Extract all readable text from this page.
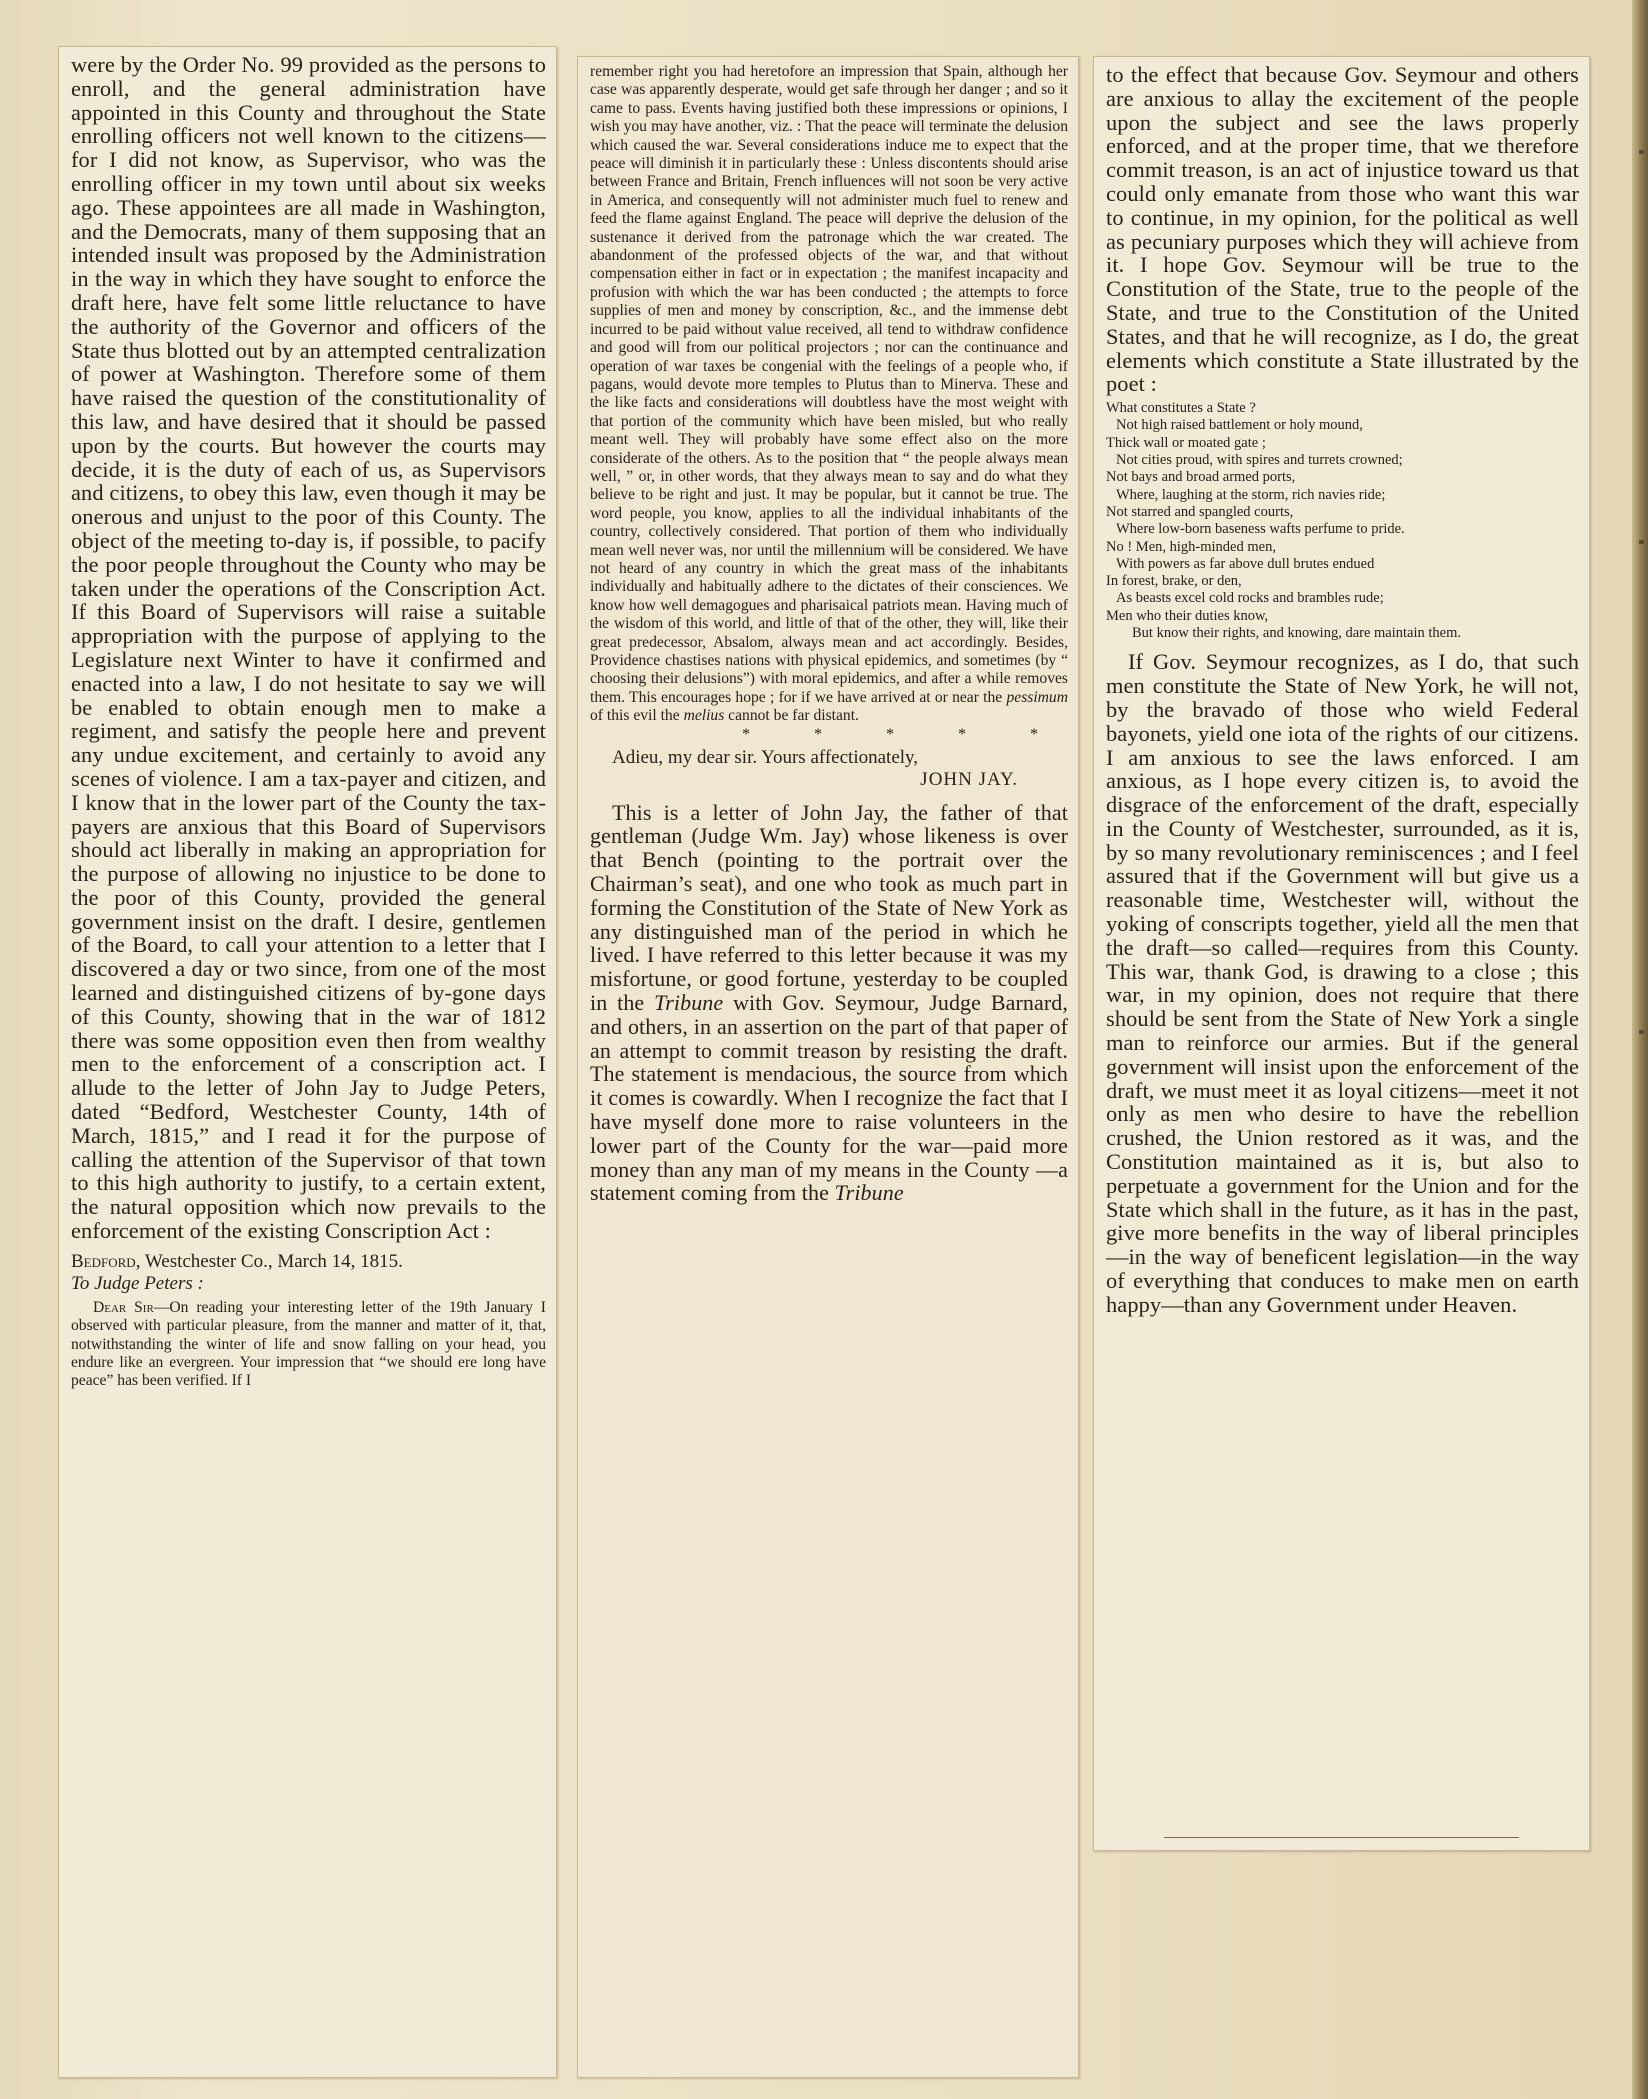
were by the Order No. 99 provided as the persons to enroll, and the general administration have appointed in this County and throughout the State enrolling officers not well known to the citizens—for I did not know, as Supervisor, who was the enrolling officer in my town until about six weeks ago. These appointees are all made in Washington, and the Democrats, many of them supposing that an intended insult was proposed by the Administration in the way in which they have sought to enforce the draft here, have felt some little reluctance to have the authority of the Governor and officers of the State thus blotted out by an attempted centralization of power at Washington. Therefore some of them have raised the question of the constitutionality of this law, and have desired that it should be passed upon by the courts. But however the courts may decide, it is the duty of each of us, as Supervisors and citizens, to obey this law, even though it may be onerous and unjust to the poor of this County. The object of the meeting to-day is, if possible, to pacify the poor people throughout the County who may be taken under the operations of the Conscription Act. If this Board of Supervisors will raise a suitable appropriation with the purpose of applying to the Legislature next Winter to have it confirmed and enacted into a law, I do not hesitate to say we will be enabled to obtain enough men to make a regiment, and satisfy the people here and prevent any undue excitement, and certainly to avoid any scenes of violence. I am a tax-payer and citizen, and I know that in the lower part of the County the tax-payers are anxious that this Board of Supervisors should act liberally in making an appropriation for the purpose of allowing no injustice to be done to the poor of this County, provided the general government insist on the draft. I desire, gentlemen of the Board, to call your attention to a letter that I discovered a day or two since, from one of the most learned and distinguished citizens of by-gone days of this County, showing that in the war of 1812 there was some opposition even then from wealthy men to the enforcement of a conscription act. I allude to the letter of John Jay to Judge Peters, dated “Bedford, Westchester County, 14th of March, 1815,” and I read it for the purpose of calling the attention of the Supervisor of that town to this high authority to justify, to a certain extent, the natural opposition which now prevails to the enforcement of the existing Conscription Act :

Bedford, Westchester Co., March 14, 1815.

To Judge Peters :

Dear Sir—On reading your interesting letter of the 19th January I observed with particular pleasure, from the manner and matter of it, that, notwithstanding the winter of life and snow falling on your head, you endure like an evergreen. Your impression that “we should ere long have peace” has been verified. If I

remember right you had heretofore an impression that Spain, although her case was apparently desperate, would get safe through her danger ; and so it came to pass. Events having justified both these impressions or opinions, I wish you may have another, viz. : That the peace will terminate the delusion which caused the war. Several considerations induce me to expect that the peace will diminish it in particularly these : Unless discontents should arise between France and Britain, French influences will not soon be very active in America, and consequently will not administer much fuel to renew and feed the flame against England. The peace will deprive the delusion of the sustenance it derived from the patronage which the war created. The abandonment of the professed objects of the war, and that without compensation either in fact or in expectation ; the manifest incapacity and profusion with which the war has been conducted ; the attempts to force supplies of men and money by conscription, &c., and the immense debt incurred to be paid without value received, all tend to withdraw confidence and good will from our political projectors ; nor can the continuance and operation of war taxes be congenial with the feelings of a people who, if pagans, would devote more temples to Plutus than to Minerva. These and the like facts and considerations will doubtless have the most weight with that portion of the community which have been misled, but who really meant well. They will probably have some effect also on the more considerate of the others. As to the position that “ the people always mean well, ” or, in other words, that they always mean to say and do what they believe to be right and just. It may be popular, but it cannot be true. The word people, you know, applies to all the individual inhabitants of the country, collectively considered. That portion of them who individually mean well never was, nor until the millennium will be considered. We have not heard of any country in which the great mass of the inhabitants individually and habitually adhere to the dictates of their consciences. We know how well demagogues and pharisaical patriots mean. Having much of the wisdom of this world, and little of that of the other, they will, like their great predecessor, Absalom, always mean and act accordingly. Besides, Providence chastises nations with physical epidemics, and sometimes (by “ choosing their delusions”) with moral epidemics, and after a while removes them. This encourages hope ; for if we have arrived at or near the pessimum of this evil the melius cannot be far distant.

* * * * *

Adieu, my dear sir. Yours affectionately,

JOHN JAY.

This is a letter of John Jay, the father of that gentleman (Judge Wm. Jay) whose likeness is over that Bench (pointing to the portrait over the Chairman’s seat), and one who took as much part in forming the Constitution of the State of New York as any distinguished man of the period in which he lived. I have referred to this letter because it was my misfortune, or good fortune, yesterday to be coupled in the Tribune with Gov. Seymour, Judge Barnard, and others, in an assertion on the part of that paper of an attempt to commit treason by resisting the draft. The statement is mendacious, the source from which it comes is cowardly. When I recognize the fact that I have myself done more to raise volunteers in the lower part of the County for the war—paid more money than any man of my means in the County —a statement coming from the Tribune

to the effect that because Gov. Seymour and others are anxious to allay the excitement of the people upon the subject and see the laws properly enforced, and at the proper time, that we therefore commit treason, is an act of injustice toward us that could only emanate from those who want this war to continue, in my opinion, for the political as well as pecuniary purposes which they will achieve from it. I hope Gov. Seymour will be true to the Constitution of the State, true to the people of the State, and true to the Constitution of the United States, and that he will recognize, as I do, the great elements which constitute a State illustrated by the poet :

What constitutes a State ?
Not high raised battlement or holy mound,
Thick wall or moated gate ;
Not cities proud, with spires and turrets crowned;
Not bays and broad armed ports,
Where, laughing at the storm, rich navies ride;
Not starred and spangled courts,
Where low-born baseness wafts perfume to pride.
No ! Men, high-minded men,
With powers as far above dull brutes endued
In forest, brake, or den,
As beasts excel cold rocks and brambles rude;
Men who their duties know,
But know their rights, and knowing, dare maintain them.

If Gov. Seymour recognizes, as I do, that such men constitute the State of New York, he will not, by the bravado of those who wield Federal bayonets, yield one iota of the rights of our citizens. I am anxious to see the laws enforced. I am anxious, as I hope every citizen is, to avoid the disgrace of the enforcement of the draft, especially in the County of Westchester, surrounded, as it is, by so many revolutionary reminiscences ; and I feel assured that if the Government will but give us a reasonable time, Westchester will, without the yoking of conscripts together, yield all the men that the draft—so called—requires from this County. This war, thank God, is drawing to a close ; this war, in my opinion, does not require that there should be sent from the State of New York a single man to reinforce our armies. But if the general government will insist upon the enforcement of the draft, we must meet it as loyal citizens—meet it not only as men who desire to have the rebellion crushed, the Union restored as it was, and the Constitution maintained as it is, but also to perpetuate a government for the Union and for the State which shall in the future, as it has in the past, give more benefits in the way of liberal principles—in the way of beneficent legislation—in the way of everything that conduces to make men on earth happy—than any Government under Heaven.
